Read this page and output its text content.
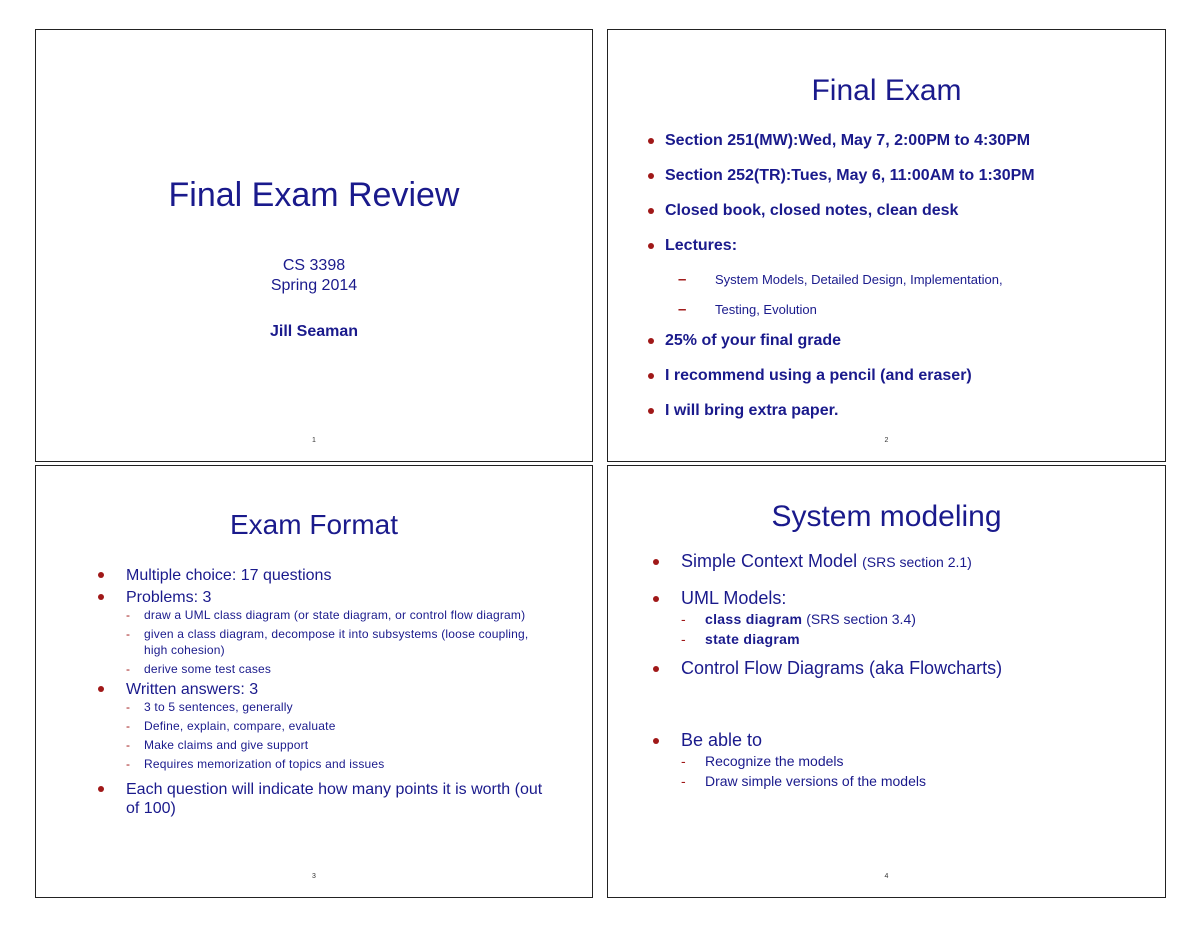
Final Exam Review
CS 3398
Spring 2014
Jill Seaman
1
Final Exam
Section 251(MW):Wed, May 7, 2:00PM to 4:30PM
Section 252(TR):Tues, May 6, 11:00AM to 1:30PM
Closed book, closed notes, clean desk
Lectures:
– System Models, Detailed Design, Implementation,
– Testing, Evolution
25% of your final grade
I recommend using a pencil (and eraser)
I will bring extra paper.
2
Exam Format
Multiple choice: 17 questions
Problems: 3
- draw a UML class diagram (or state diagram, or control flow diagram)
- given a class diagram, decompose it into subsystems (loose coupling, high cohesion)
- derive some test cases
Written answers: 3
- 3 to 5 sentences, generally
- Define, explain, compare, evaluate
- Make claims and give support
- Requires memorization of topics and issues
Each question will indicate how many points it is worth (out of 100)
3
System modeling
Simple Context Model (SRS section 2.1)
UML Models:
- class diagram (SRS section 3.4)
- state diagram
Control Flow Diagrams (aka Flowcharts)
Be able to
- Recognize the models
- Draw simple versions of the models
4
